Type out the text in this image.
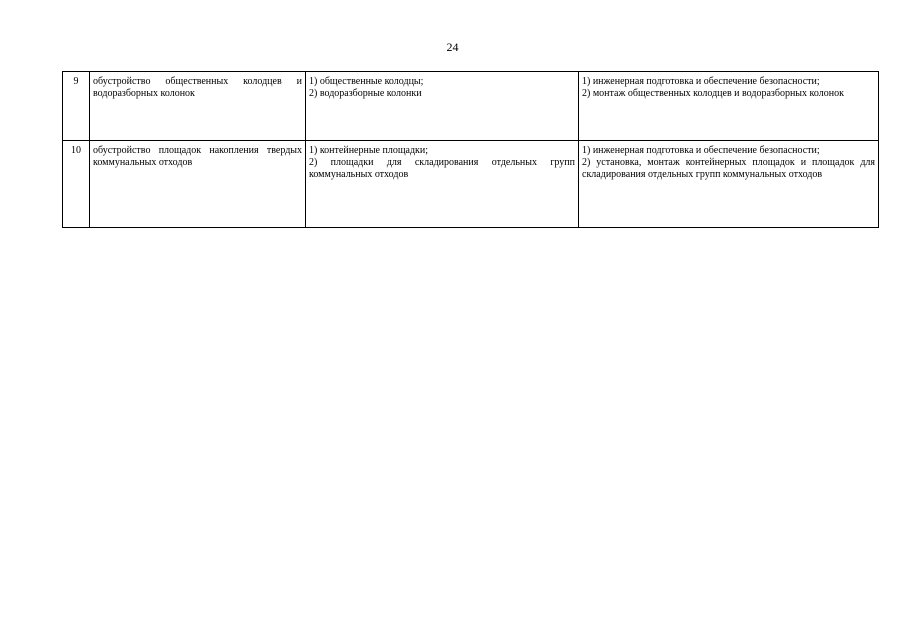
24
9	обустройство общественных колодцев и водоразборных колонок	1) общественные колодцы;
2) водоразборные колонки	1) инженерная подготовка и обеспечение безопасности;
2) монтаж общественных колодцев и водоразборных колонок

10	обустройство площадок накопления твердых коммунальных отходов	1) контейнерные площадки;
2) площадки для складирования отдельных групп коммунальных отходов	1) инженерная подготовка и обеспечение безопасности;
2) установка, монтаж контейнерных площадок и площадок для складирования отдельных групп коммунальных отходов
